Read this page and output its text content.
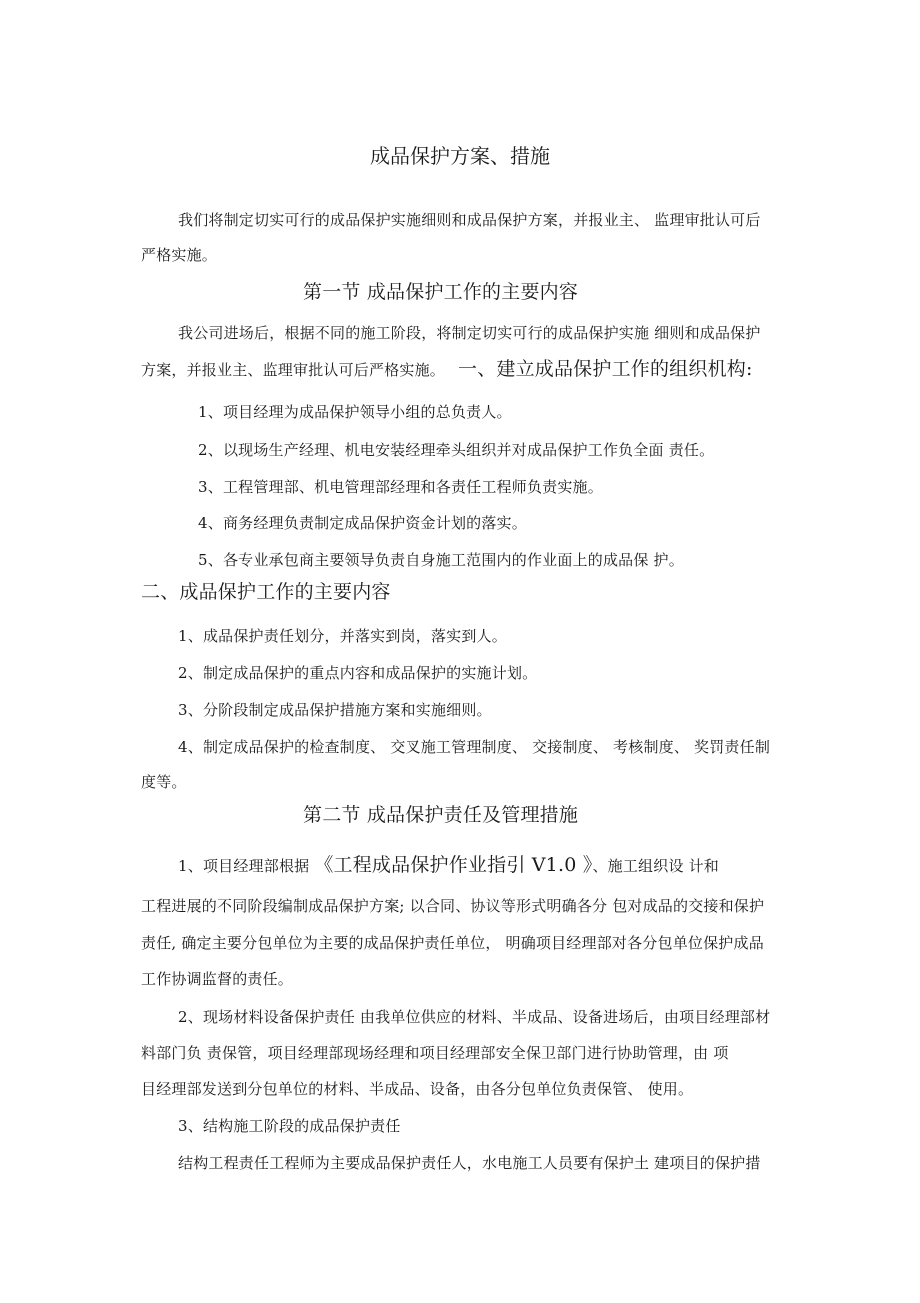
成品保护方案、措施
我们将制定切实可行的成品保护实施细则和成品保护方案，并报业主、 监理审批认可后
严格实施。
第一节 成品保护工作的主要内容
我公司进场后，根据不同的施工阶段，将制定切实可行的成品保护实施 细则和成品保护
方案，并报业主、监理审批认可后严格实施。 一、建立成品保护工作的组织机构:
1、项目经理为成品保护领导小组的总负责人。
2、以现场生产经理、机电安装经理牵头组织并对成品保护工作负全面 责任。
3、工程管理部、机电管理部经理和各责任工程师负责实施。
4、商务经理负责制定成品保护资金计划的落实。
5、各专业承包商主要领导负责自身施工范围内的作业面上的成品保 护。
二、成品保护工作的主要内容
1、成品保护责任划分，并落实到岗，落实到人。
2、制定成品保护的重点内容和成品保护的实施计划。
3、分阶段制定成品保护措施方案和实施细则。
4、制定成品保护的检查制度、 交叉施工管理制度、 交接制度、 考核制度、 奖罚责任制
度等。
第二节 成品保护责任及管理措施
1、项目经理部根据 《工程成品保护作业指引 V1.0 》、施工组织设 计和
工程进展的不同阶段编制成品保护方案; 以合同、协议等形式明确各分 包对成品的交接和保护
责任, 确定主要分包单位为主要的成品保护责任单位， 明确项目经理部对各分包单位保护成品
工作协调监督的责任。
2、现场材料设备保护责任 由我单位供应的材料、半成品、设备进场后，由项目经理部材
料部门负 责保管，项目经理部现场经理和项目经理部安全保卫部门进行协助管理，由 项
目经理部发送到分包单位的材料、半成品、设备，由各分包单位负责保管、 使用。
3、结构施工阶段的成品保护责任
结构工程责任工程师为主要成品保护责任人，水电施工人员要有保护土 建项目的保护措
